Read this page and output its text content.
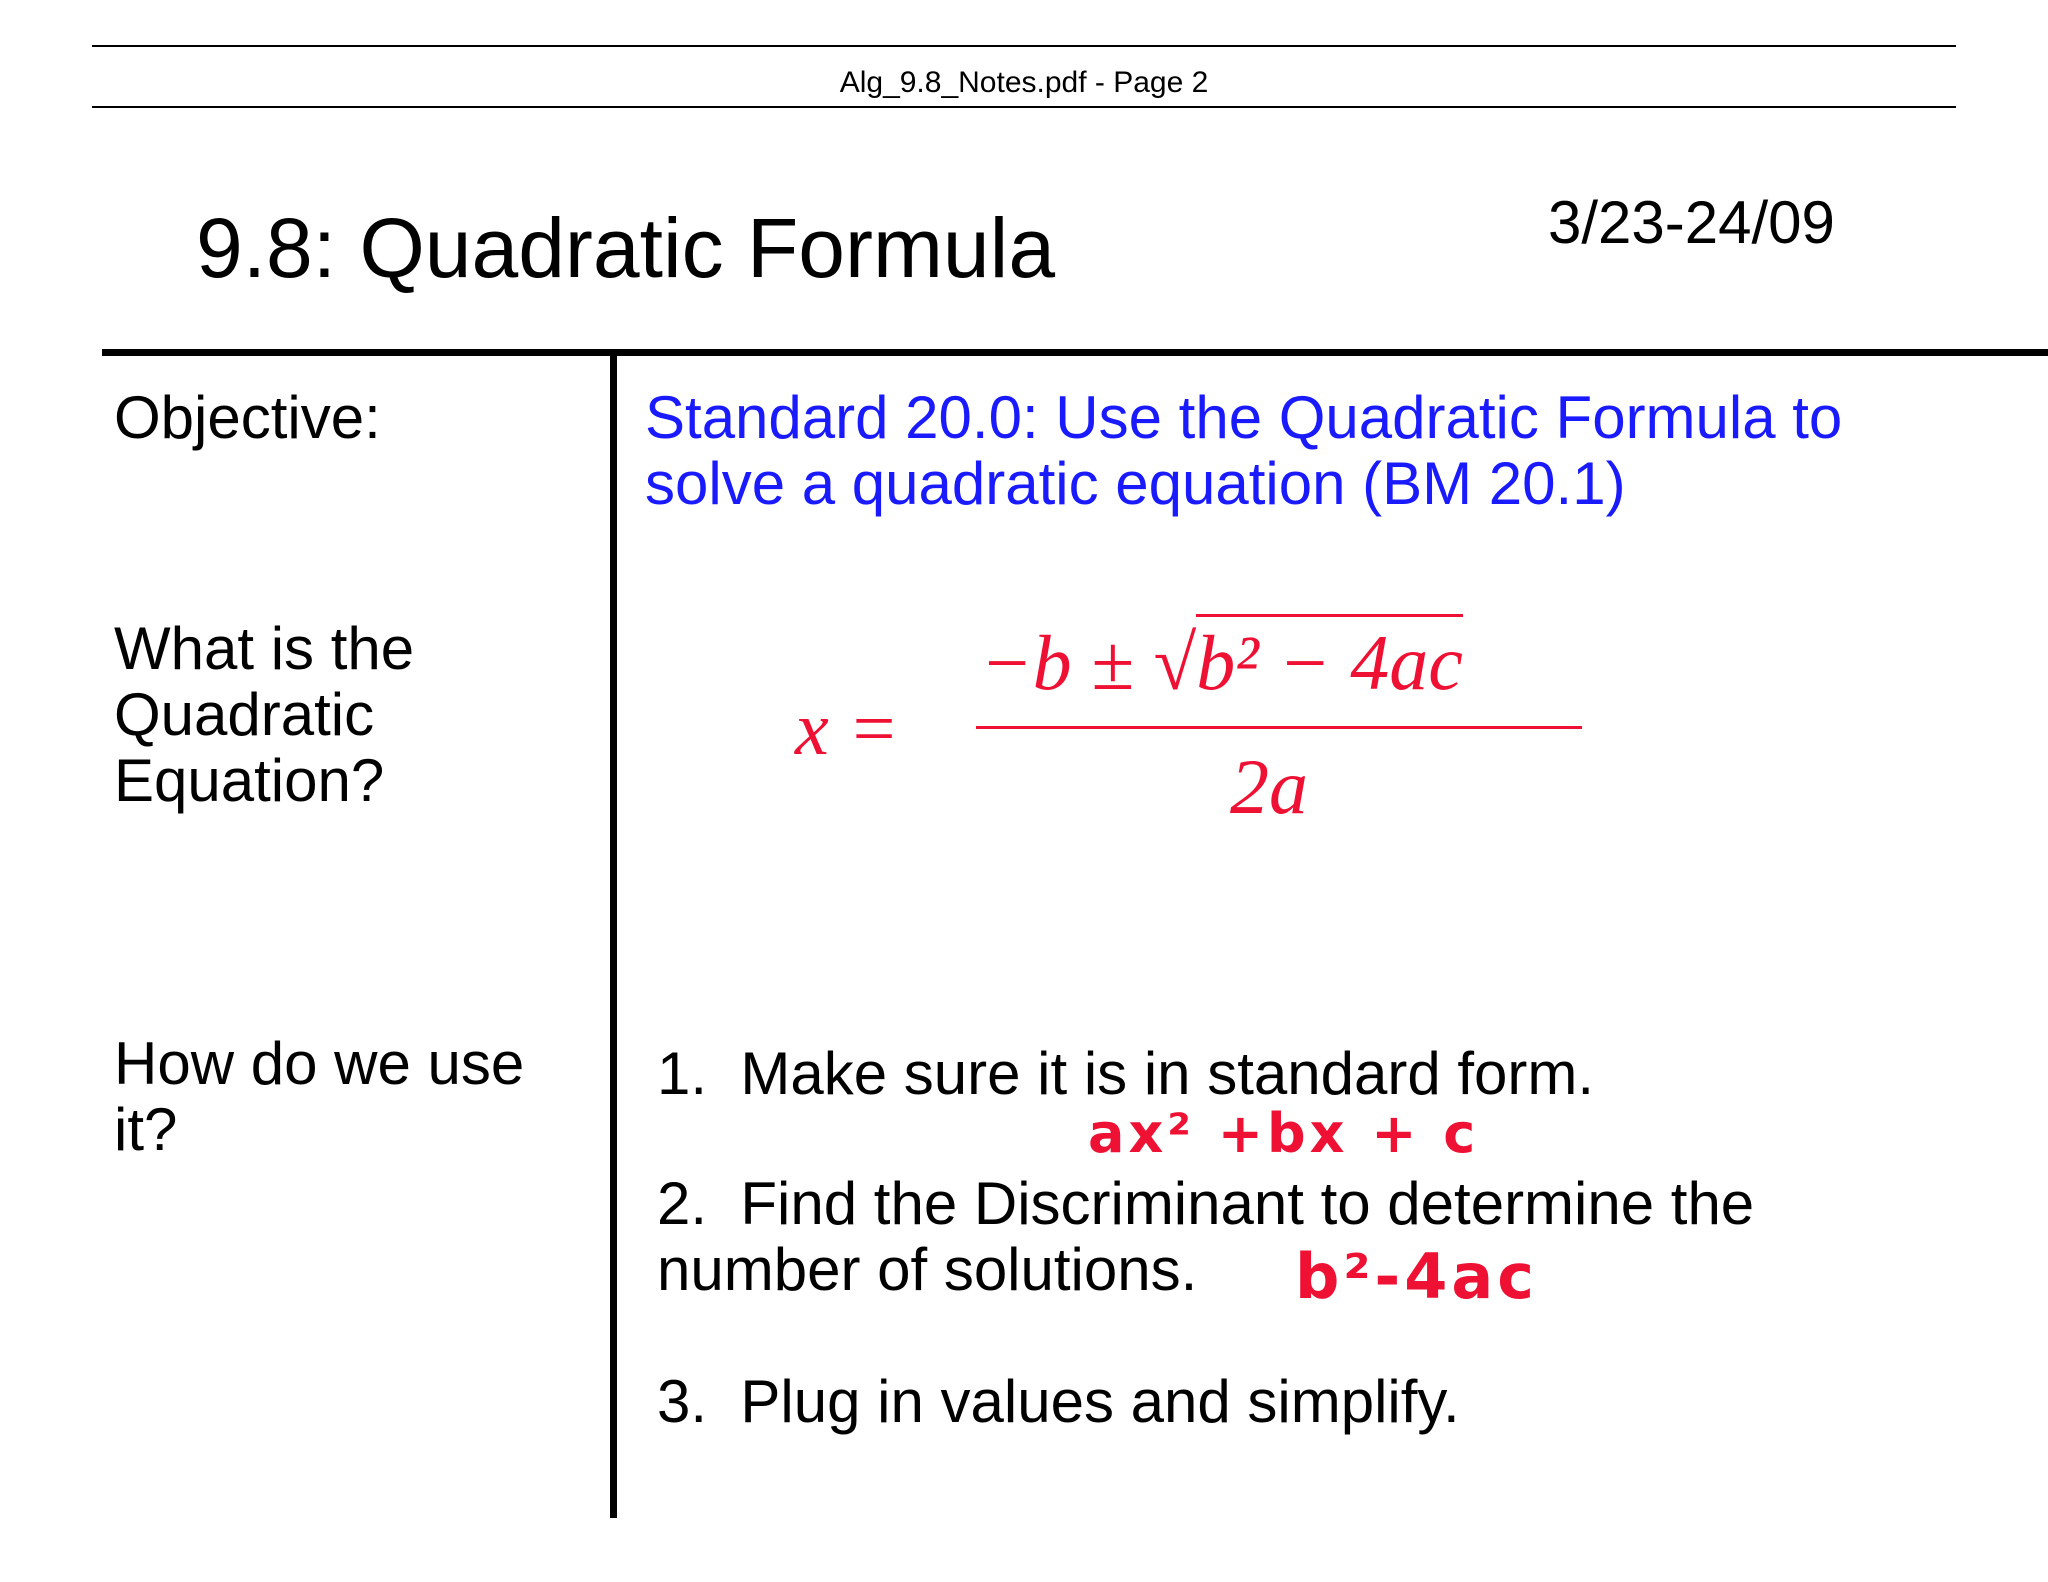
Alg_9.8_Notes.pdf - Page 2
9.8: Quadratic Formula	3/23-24/09
Objective:	Standard 20.0: Use the Quadratic Formula to
solve a quadratic equation (BM 20.1)
What is the Quadratic Equation?
x =
−b ± √b² − 4ac
2a
How do we use it?
1. Make sure it is in standard form.
ax² +bx + c
2. Find the Discriminant to determine the
number of solutions. b²-4ac
3. Plug in values and simplify.
